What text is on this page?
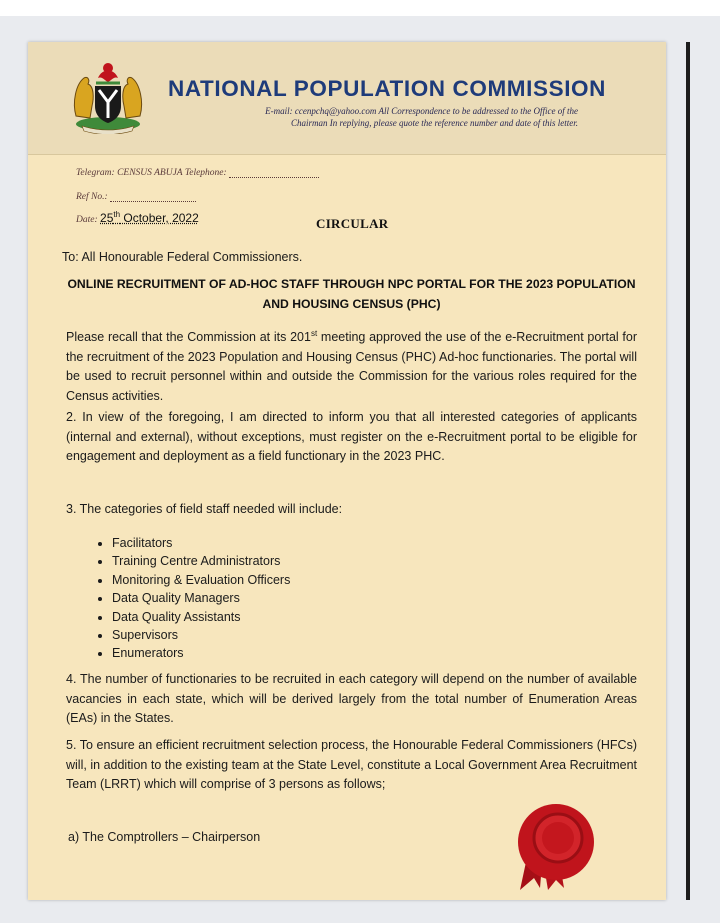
NATIONAL POPULATION COMMISSION
E-mail: ccenpchq@yahoo.com All Correspondence to be addressed to the Office of the
Chairman In replying, please quote the reference number and date of this letter.
Telegram: CENSUS ABUJA Telephone:
Ref No.:
Date: 25th October, 2022	CIRCULAR
To: All Honourable Federal Commissioners.
ONLINE RECRUITMENT OF AD-HOC STAFF THROUGH NPC PORTAL FOR THE 2023 POPULATION
AND HOUSING CENSUS (PHC)
Please recall that the Commission at its 201st meeting approved the use of the e-Recruitment portal for the recruitment of the 2023 Population and Housing Census (PHC) Ad-hoc functionaries. The portal will be used to recruit personnel within and outside the Commission for the various roles required for the Census activities.
2. In view of the foregoing, I am directed to inform you that all interested categories of applicants (internal and external), without exceptions, must register on the e-Recruitment portal to be eligible for engagement and deployment as a field functionary in the 2023 PHC.
3. The categories of field staff needed will include:
• Facilitators
• Training Centre Administrators
• Monitoring & Evaluation Officers
• Data Quality Managers
• Data Quality Assistants
• Supervisors
• Enumerators
4. The number of functionaries to be recruited in each category will depend on the number of available vacancies in each state, which will be derived largely from the total number of Enumeration Areas (EAs) in the States.
5. To ensure an efficient recruitment selection process, the Honourable Federal Commissioners (HFCs) will, in addition to the existing team at the State Level, constitute a Local Government Area Recruitment Team (LRRT) which will comprise of 3 persons as follows;
a) The Comptrollers – Chairperson
